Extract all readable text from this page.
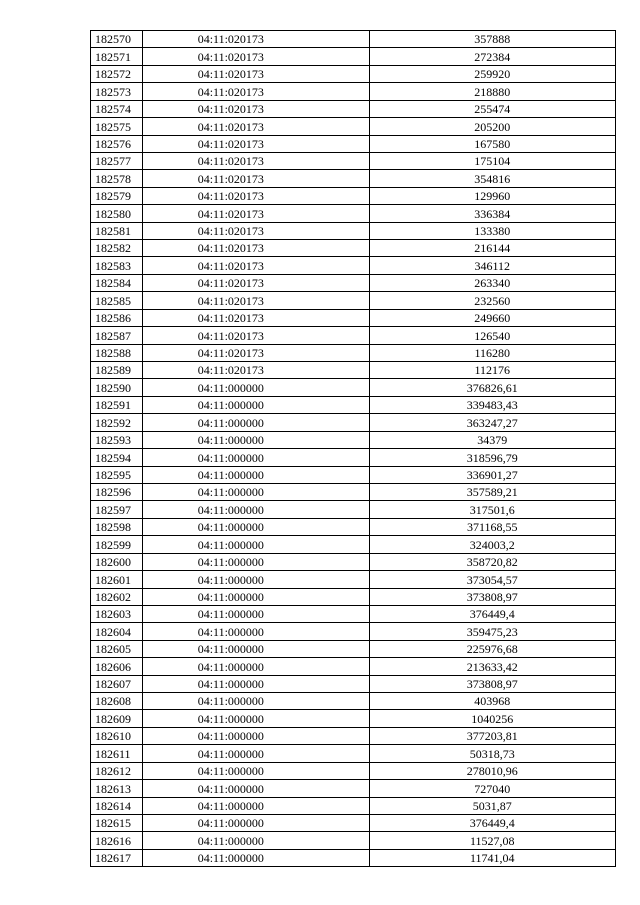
182570	04:11:020173	357888
182571	04:11:020173	272384
182572	04:11:020173	259920
182573	04:11:020173	218880
182574	04:11:020173	255474
182575	04:11:020173	205200
182576	04:11:020173	167580
182577	04:11:020173	175104
182578	04:11:020173	354816
182579	04:11:020173	129960
182580	04:11:020173	336384
182581	04:11:020173	133380
182582	04:11:020173	216144
182583	04:11:020173	346112
182584	04:11:020173	263340
182585	04:11:020173	232560
182586	04:11:020173	249660
182587	04:11:020173	126540
182588	04:11:020173	116280
182589	04:11:020173	112176
182590	04:11:000000	376826,61
182591	04:11:000000	339483,43
182592	04:11:000000	363247,27
182593	04:11:000000	34379
182594	04:11:000000	318596,79
182595	04:11:000000	336901,27
182596	04:11:000000	357589,21
182597	04:11:000000	317501,6
182598	04:11:000000	371168,55
182599	04:11:000000	324003,2
182600	04:11:000000	358720,82
182601	04:11:000000	373054,57
182602	04:11:000000	373808,97
182603	04:11:000000	376449,4
182604	04:11:000000	359475,23
182605	04:11:000000	225976,68
182606	04:11:000000	213633,42
182607	04:11:000000	373808,97
182608	04:11:000000	403968
182609	04:11:000000	1040256
182610	04:11:000000	377203,81
182611	04:11:000000	50318,73
182612	04:11:000000	278010,96
182613	04:11:000000	727040
182614	04:11:000000	5031,87
182615	04:11:000000	376449,4
182616	04:11:000000	11527,08
182617	04:11:000000	11741,04
